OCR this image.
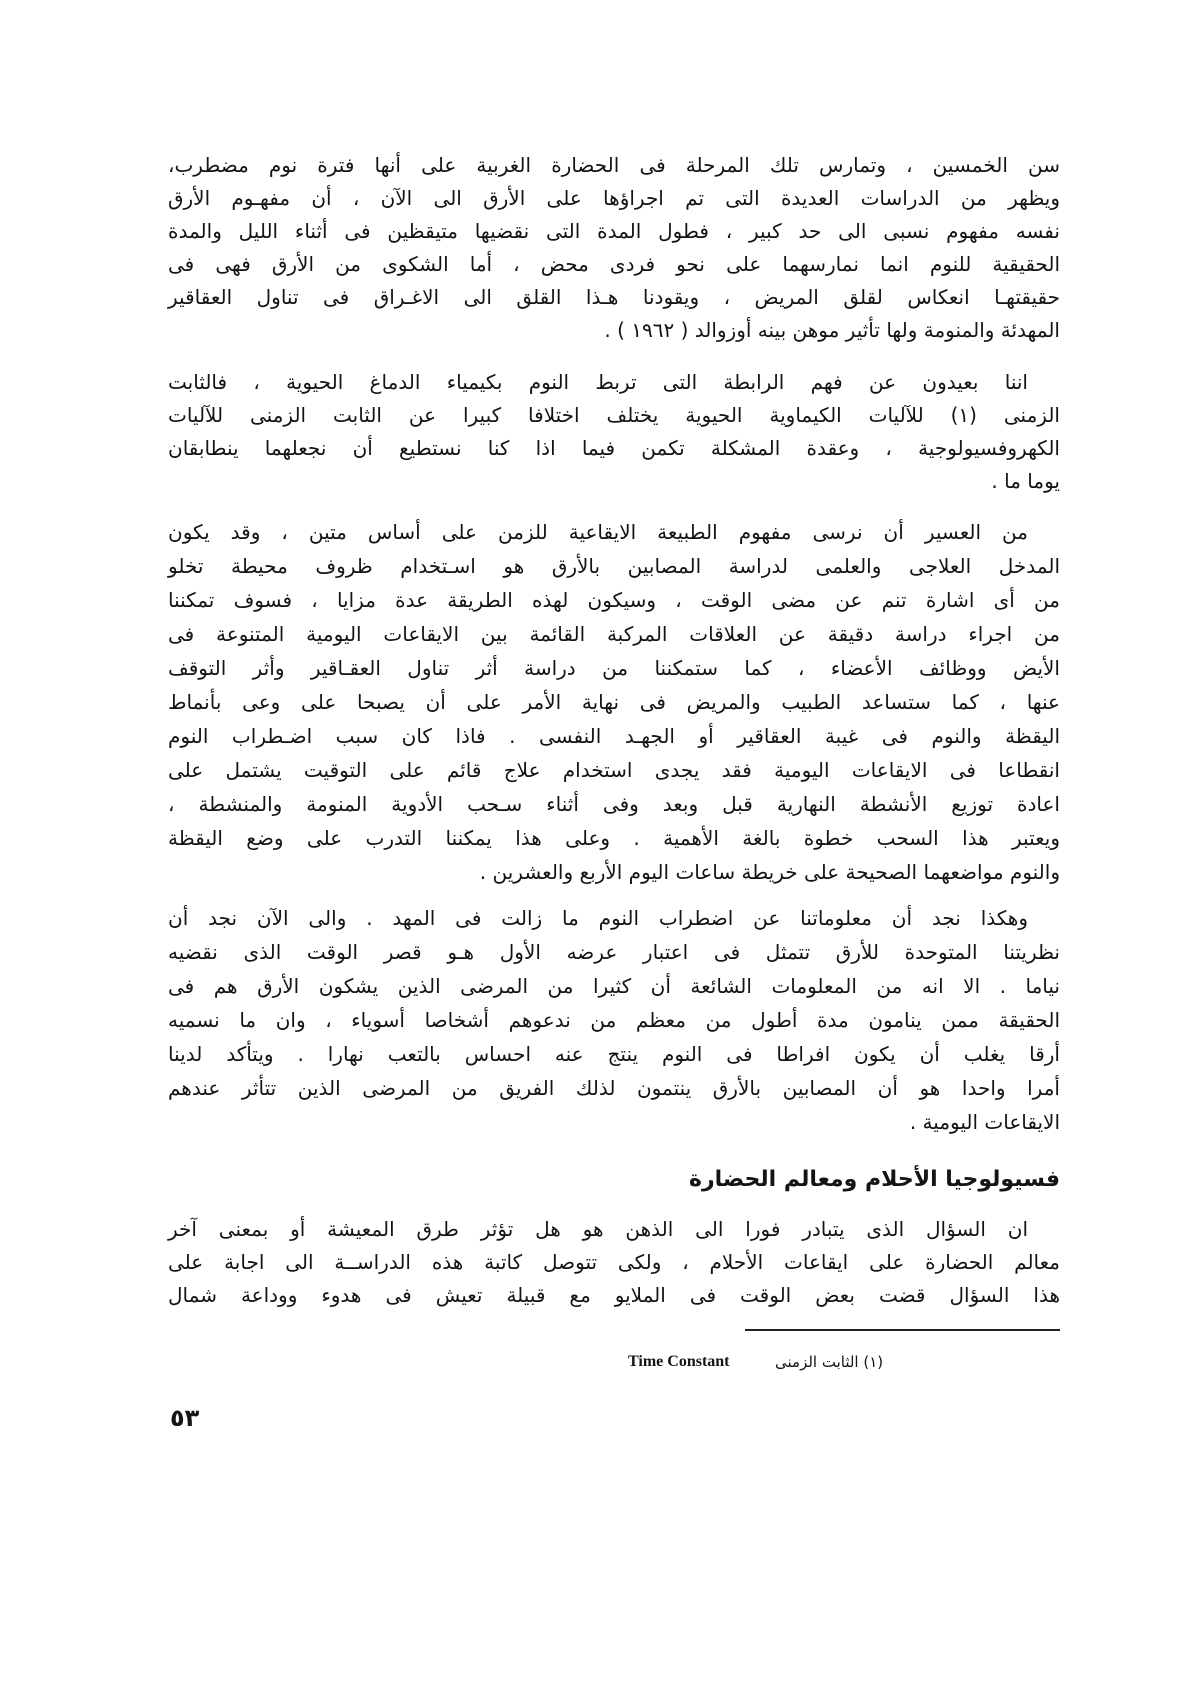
سن الخمسين ، وتمارس تلك المرحلة فى الحضارة الغربية على أنها فترة نوم مضطرب،
ويظهر من الدراسات العديدة التى تم اجراؤها على الأرق الى الآن ، أن مفهـوم الأرق
نفسه مفهوم نسبى الى حد كبير ، فطول المدة التى نقضيها متيقظين فى أثناء الليل والمدة
الحقيقية للنوم انما نمارسهما على نحو فردى محض ، أما الشكوى من الأرق فهى فى
حقيقتهـا انعكاس لقلق المريض ، ويقودنا هـذا القلق الى الاغـراق فى تناول العقاقير
المهدئة والمنومة ولها تأثير موهن بينه أوزوالد ( ١٩٦٢ ) .
اننا بعيدون عن فهم الرابطة التى تربط النوم بكيمياء الدماغ الحيوية ، فالثابت
الزمنى (١) للآليات الكيماوية الحيوية يختلف اختلافا كبيرا عن الثابت الزمنى للآليات
الكهروفسيولوجية ، وعقدة المشكلة تكمن فيما اذا كنا نستطيع أن نجعلهما ينطابقان
يوما ما .
من العسير أن نرسى مفهوم الطبيعة الايقاعية للزمن على أساس متين ، وقد يكون
المدخل العلاجى والعلمى لدراسة المصابين بالأرق هو اسـتخدام ظروف محيطة تخلو
من أى اشارة تنم عن مضى الوقت ، وسيكون لهذه الطريقة عدة مزايا ، فسوف تمكننا
من اجراء دراسة دقيقة عن العلاقات المركبة القائمة بين الايقاعات اليومية المتنوعة فى
الأيض ووظائف الأعضاء ، كما ستمكننا من دراسة أثر تناول العقـاقير وأثر التوقف
عنها ، كما ستساعد الطبيب والمريض فى نهاية الأمر على أن يصبحا على وعى بأنماط
اليقظة والنوم فى غيبة العقاقير أو الجهـد النفسى . فاذا كان سبب اضـطراب النوم
انقطاعا فى الايقاعات اليومية فقد يجدى استخدام علاج قائم على التوقيت يشتمل على
اعادة توزيع الأنشطة النهارية قبل وبعد وفى أثناء سـحب الأدوية المنومة والمنشطة ،
ويعتبر هذا السحب خطوة بالغة الأهمية . وعلى هذا يمكننا التدرب على وضع اليقظة
والنوم مواضعهما الصحيحة على خريطة ساعات اليوم الأربع والعشرين .
وهكذا نجد أن معلوماتنا عن اضطراب النوم ما زالت فى المهد . والى الآن نجد أن
نظريتنا المتوحدة للأرق تتمثل فى اعتبار عرضه الأول هـو قصر الوقت الذى نقضيه
نياما . الا انه من المعلومات الشائعة أن كثيرا من المرضى الذين يشكون الأرق هم فى
الحقيقة ممن ينامون مدة أطول من معظم من ندعوهم أشخاصا أسوياء ، وان ما نسميه
أرقا يغلب أن يكون افراطا فى النوم ينتج عنه احساس بالتعب نهارا . ويتأكد لدينا
أمرا واحدا هو أن المصابين بالأرق ينتمون لذلك الفريق من المرضى الذين تتأثر عندهم
الايقاعات اليومية .
فسيولوجيا الأحلام ومعالم الحضارة
ان السؤال الذى يتبادر فورا الى الذهن هو هل تؤثر طرق المعيشة أو بمعنى آخر
معالم الحضارة على ايقاعات الأحلام ، ولكى تتوصل كاتبة هذه الدراســة الى اجابة على
هذا السؤال قضت بعض الوقت فى الملايو مع قبيلة تعيش فى هدوء ووداعة شمال
(١) الثابت الزمنى
Time Constant
٥٣
